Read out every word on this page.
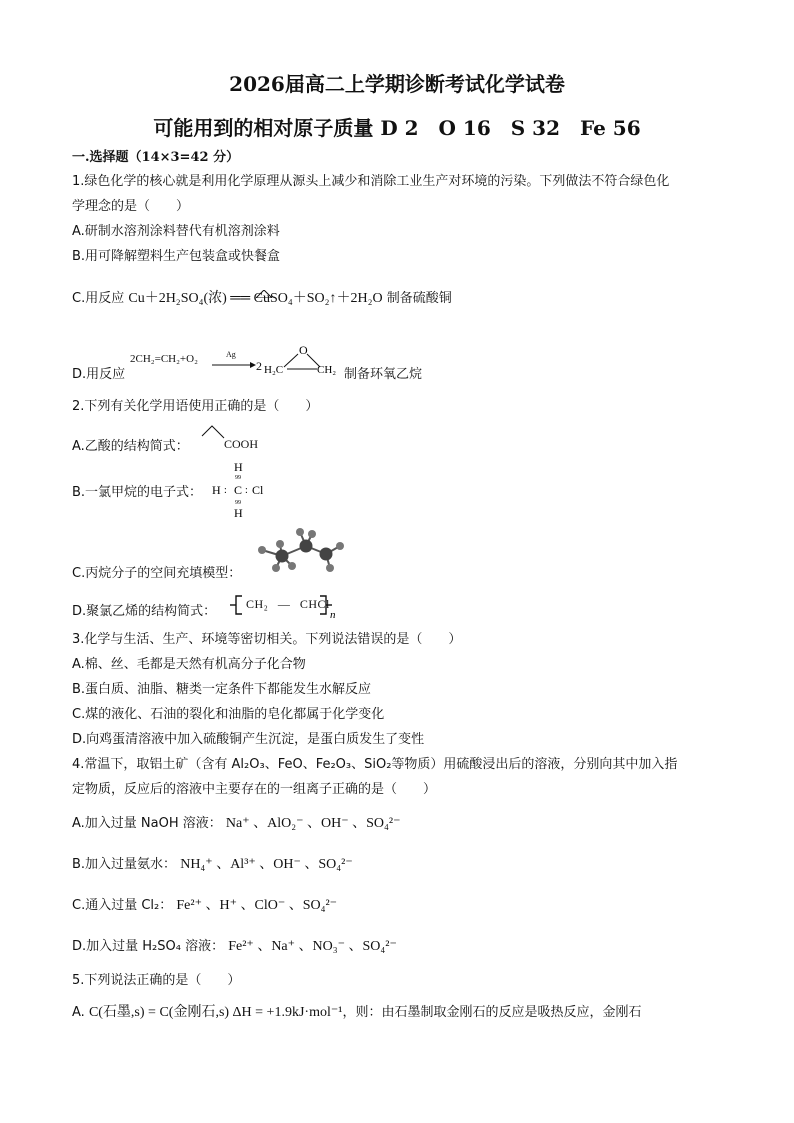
2026届高二上学期诊断考试化学试卷
可能用到的相对原子质量 D 2　O 16　S 32　Fe 56
一.选择题（14×3=42 分）
1.绿色化学的核心就是利用化学原理从源头上减少和消除工业生产对环境的污染。下列做法不符合绿色化
学理念的是（　　）
A.研制水溶剂涂料替代有机溶剂涂料
B.用可降解塑料生产包装盒或快餐盒
C.用反应 Cu＋2H₂SO₄(浓) ══ CuSO₄＋SO₂↑＋2H₂O 制备硫酸铜
D.用反应
2CH₂=CH₂+O₂	Ag
2
O
H₂C	CH₂ 制备环氧乙烷
2.下列有关化学用语使用正确的是（　　）
A.乙酸的结构简式：	COOH
B.一氯甲烷的电子式：
H
99
H : C : Cl
99
H
C.丙烷分子的空间充填模型：
D.聚氯乙烯的结构简式： CH₂ — CHCl
n
3.化学与生活、生产、环境等密切相关。下列说法错误的是（　　）
A.棉、丝、毛都是天然有机高分子化合物
B.蛋白质、油脂、糖类一定条件下都能发生水解反应
C.煤的液化、石油的裂化和油脂的皂化都属于化学变化
D.向鸡蛋清溶液中加入硫酸铜产生沉淀，是蛋白质发生了变性
4.常温下，取铝土矿（含有 Al₂O₃、FeO、Fe₂O₃、SiO₂等物质）用硫酸浸出后的溶液，分别向其中加入指
定物质，反应后的溶液中主要存在的一组离子正确的是（　　）
A.加入过量 NaOH 溶液： Na⁺ 、AlO₂⁻ 、OH⁻ 、SO₄²⁻
B.加入过量氨水： NH₄⁺ 、Al³⁺ 、OH⁻ 、SO₄²⁻
C.通入过量 Cl₂： Fe²⁺ 、H⁺ 、ClO⁻ 、SO₄²⁻
D.加入过量 H₂SO₄ 溶液： Fe²⁺ 、Na⁺ 、NO₃⁻ 、SO₄²⁻
5.下列说法正确的是（　　）
A. C(石墨,s) = C(金刚石,s) ΔH = +1.9kJ·mol⁻¹，则：由石墨制取金刚石的反应是吸热反应，金刚石
